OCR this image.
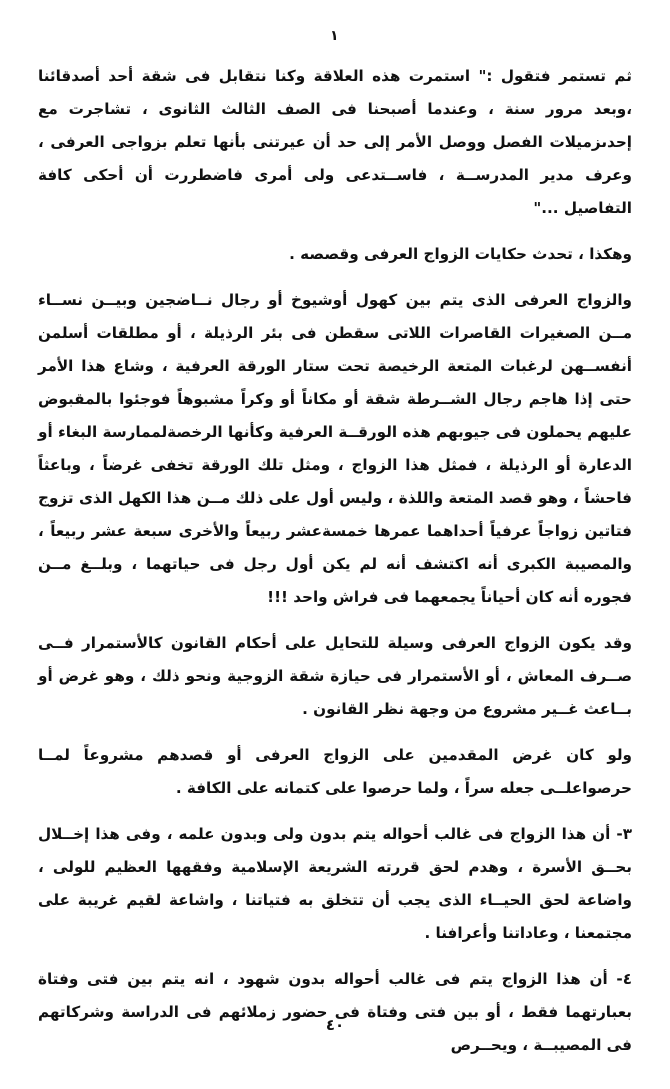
١

ثم تستمر فتقول :" استمرت هذه العلاقة وكنا نتقابل فى شقة أحد أصدقائنا ،وبعد مرور سنة ، وعندما أصبحنا فى الصف الثالث الثانوى ، تشاجرت مع إحدىزميلات الفصل ووصل الأمر إلى حد أن عيرتنى بأنها تعلم بزواجى العرفى ، وعرف مدير المدرســة ، فاســتدعى ولى أمرى فاضطررت أن أحكى كافة التفاصيل ..."

وهكذا ، تحدث حكايات الزواج العرفى وقصصه .

والزواج العرفى الذى يتم بين كهول أوشيوخ أو رجال نــاضجين وبيــن نســاء مــن الصغيرات القاصرات اللاتى سقطن فى بئر الرذيلة ، أو مطلقات أسلمن أنفســهن لرغبات المتعة الرخيصة تحت ستار الورقة العرفية ، وشاع هذا الأمر حتى إذا هاجم رجال الشــرطة شقة أو مكاناً أو وكراً مشبوهاً فوجئوا بالمقبوض عليهم يحملون فى جيوبهم هذه الورقــة العرفية وكأنها الرخصةلممارسة البغاء أو الدعارة أو الرذيلة ، فمثل هذا الزواج ، ومثل تلك الورقة تخفى غرضاً ، وباعثاً فاحشاً ، وهو قصد المتعة واللذة ، وليس أول على ذلك مــن هذا الكهل الذى تزوج فتاتين زواجاً عرفياً أحداهما عمرها خمسةعشر ربيعاً والأخرى سبعة عشر ربيعاً ، والمصيبة الكبرى أنه اكتشف أنه لم يكن أول رجل فى حياتهما ، وبلــغ مــن فجوره أنه كان أحياناً يجمعهما فى فراش واحد !!!

وقد يكون الزواج العرفى وسيلة للتحايل على أحكام القانون كالأستمرار فــى صــرف المعاش ، أو الأستمرار فى حيازة شقة الزوجية ونحو ذلك ، وهو غرض أو بــاعث غــير مشروع من وجهة نظر القانون .

ولو كان غرض المقدمين على الزواج العرفى أو قصدهم مشروعاً لمــا حرصواعلــى جعله سراً ، ولما حرصوا على كتمانه على الكافة .

٣- أن هذا الزواج فى غالب أحواله يتم بدون ولى وبدون علمه ، وفى هذا إخــلال بحــق الأسرة ، وهدم لحق قررته الشريعة الإسلامية وفقهها العظيم للولى ، واضاعة لحق الحيــاء الذى يجب أن تتخلق به فتياتنا ، واشاعة لقيم غريبة على مجتمعنا ، وعاداتنا وأعرافنا .

٤- أن هذا الزواج يتم فى غالب أحواله بدون شهود ، انه يتم بين فتى وفتاة بعبارتهما فقط ، أو بين فتى وفتاة فى حضور زملائهم فى الدراسة وشركاتهم فى المصيبــة ، ويحــرص

٤٠
